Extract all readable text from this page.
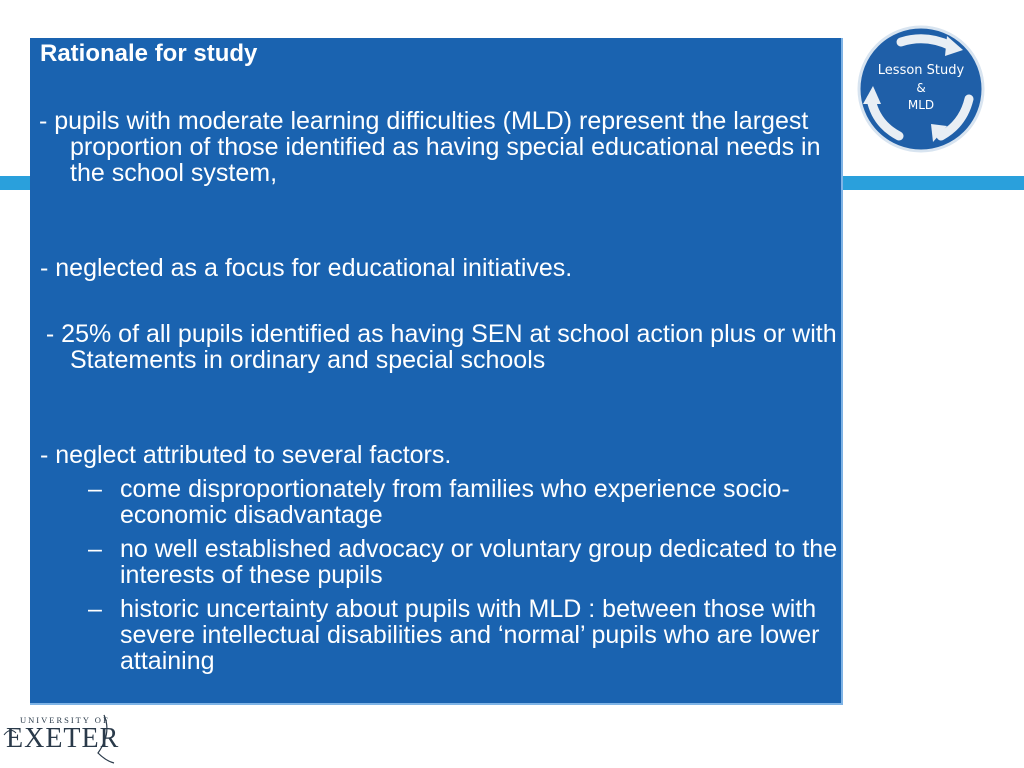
Rationale for study
- pupils with moderate learning difficulties (MLD) represent the largest proportion of those identified as having special educational needs in the school system,
- neglected as a focus for educational initiatives.
- 25% of all pupils identified as having SEN at school action plus or with Statements in ordinary and special schools
- neglect attributed to several factors.
– come disproportionately from families who experience socio-economic disadvantage
– no well established advocacy or voluntary group dedicated to the interests of these pupils
– historic uncertainty about pupils with MLD : between those with severe intellectual disabilities and ‘normal’ pupils who are lower attaining
Lesson Study
&
MLD
UNIVERSITY OF
EXETER
